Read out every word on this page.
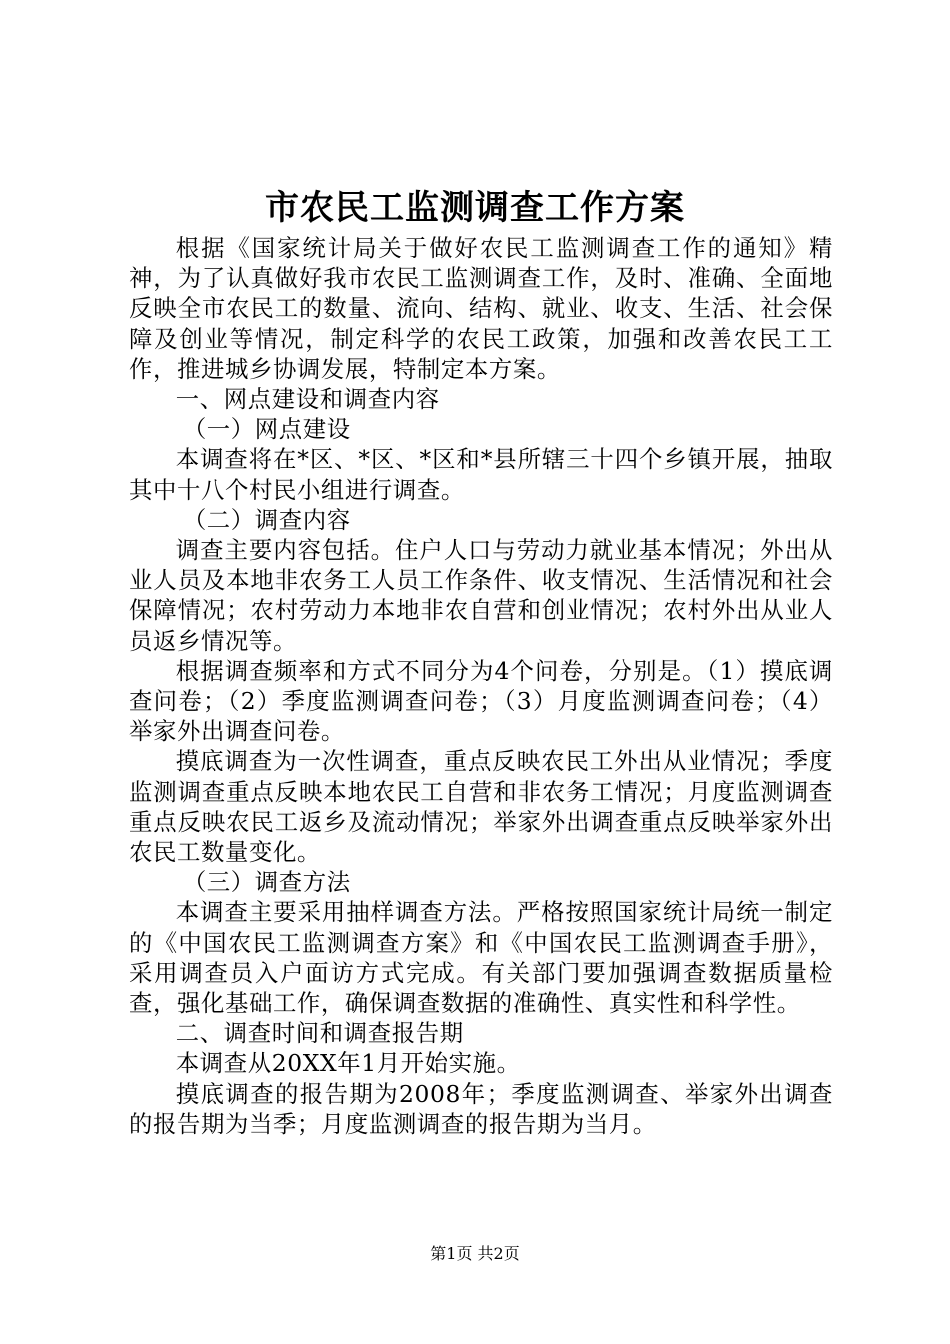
市农民工监测调查工作方案

根据《国家统计局关于做好农民工监测调查工作的通知》精神，为了认真做好我市农民工监测调查工作，及时、准确、全面地反映全市农民工的数量、流向、结构、就业、收支、生活、社会保障及创业等情况，制定科学的农民工政策，加强和改善农民工工作，推进城乡协调发展，特制定本方案。

一、网点建设和调查内容

（一）网点建设

本调查将在*区、*区、*区和*县所辖三十四个乡镇开展，抽取其中十八个村民小组进行调查。

（二）调查内容

调查主要内容包括。住户人口与劳动力就业基本情况；外出从业人员及本地非农务工人员工作条件、收支情况、生活情况和社会保障情况；农村劳动力本地非农自营和创业情况；农村外出从业人员返乡情况等。

根据调查频率和方式不同分为4个问卷，分别是。（1）摸底调查问卷；（2）季度监测调查问卷；（3）月度监测调查问卷；（4）举家外出调查问卷。

摸底调查为一次性调查，重点反映农民工外出从业情况；季度监测调查重点反映本地农民工自营和非农务工情况；月度监测调查重点反映农民工返乡及流动情况；举家外出调查重点反映举家外出农民工数量变化。

（三）调查方法

本调查主要采用抽样调查方法。严格按照国家统计局统一制定的《中国农民工监测调查方案》和《中国农民工监测调查手册》，采用调查员入户面访方式完成。有关部门要加强调查数据质量检查，强化基础工作，确保调查数据的准确性、真实性和科学性。

二、调查时间和调查报告期

本调查从20XX年1月开始实施。

摸底调查的报告期为2008年；季度监测调查、举家外出调查的报告期为当季；月度监测调查的报告期为当月。

第1页 共2页
